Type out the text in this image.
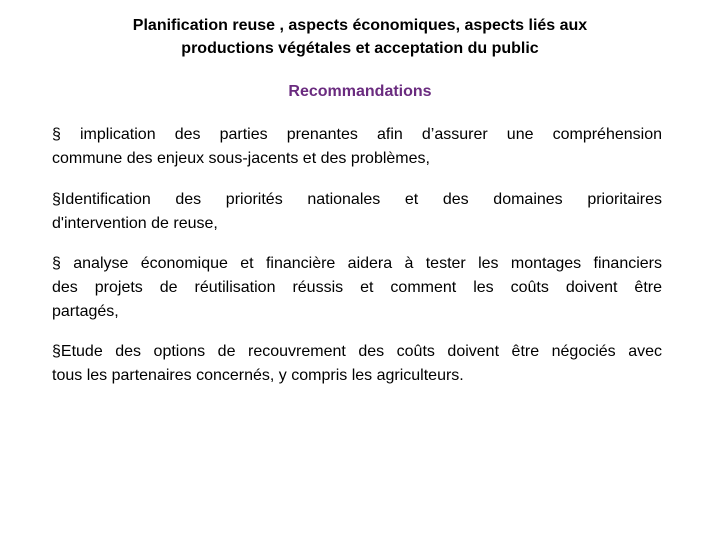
Planification reuse , aspects économiques, aspects liés aux
productions végétales et acceptation du public
Recommandations
§ implication des parties prenantes afin d’assurer une compréhension
commune des enjeux sous-jacents et des problèmes,
§Identification des priorités nationales et des domaines prioritaires
d'intervention de reuse,
§ analyse économique et financière aidera à tester les montages financiers
des projets de réutilisation réussis et comment les coûts doivent être
partagés,
§Etude des options de recouvrement des coûts doivent être négociés avec
tous les partenaires concernés, y compris les agriculteurs.
